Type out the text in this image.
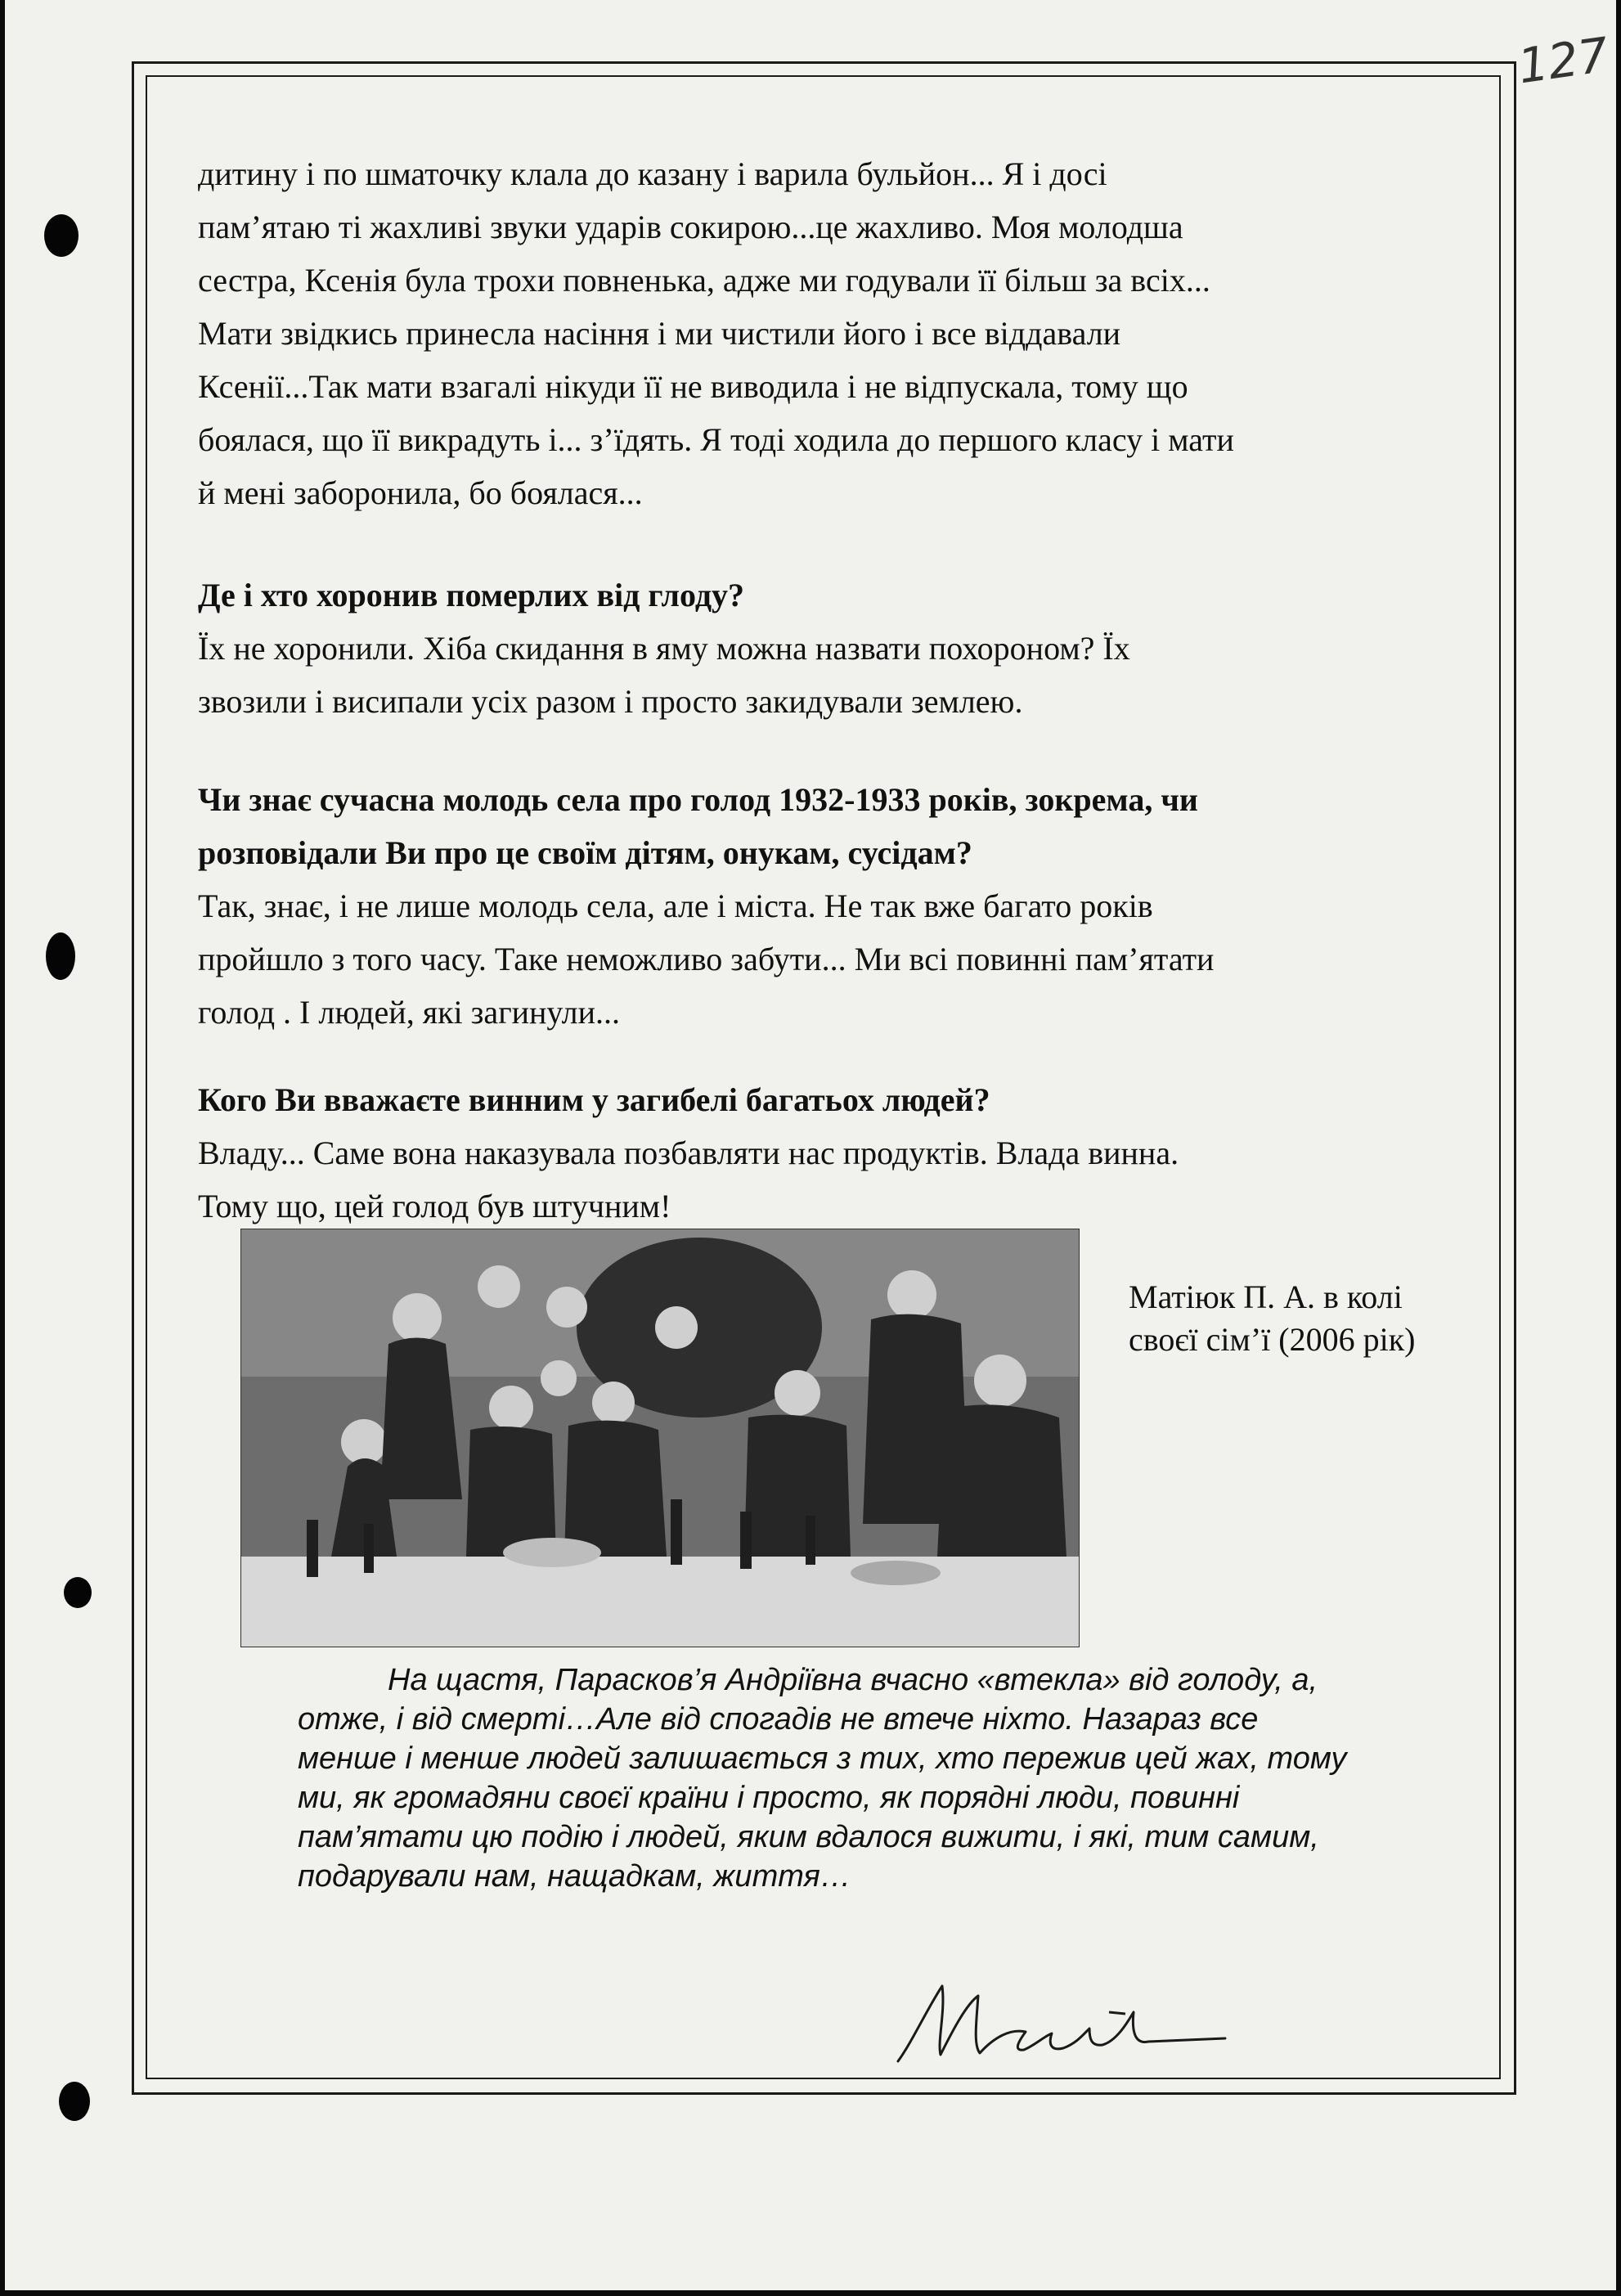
127
дитину і по шматочку клала до казану і варила бульйон... Я і досі
пам’ятаю ті жахливі звуки ударів сокирою...це жахливо. Моя молодша
сестра, Ксенія була трохи повненька, адже ми годували її більш за всіх...
Мати звідкись принесла насіння і ми чистили його і все віддавали
Ксенії...Так мати взагалі нікуди її не виводила і не відпускала, тому що
боялася, що її викрадуть і... з’їдять. Я тоді ходила до першого класу і мати
й мені заборонила, бо боялася...
Де і хто хоронив померлих від глоду?
Їх не хоронили. Хіба скидання в яму можна назвати похороном? Їх
звозили і висипали усіх разом і просто закидували землею.
Чи знає сучасна молодь села про голод 1932-1933 років, зокрема, чи
розповідали Ви про це своїм дітям, онукам, сусідам?
Так, знає, і не лише молодь села, але і міста. Не так вже багато років
пройшло з того часу. Таке неможливо забути... Ми всі повинні пам’ятати
голод . І людей, які загинули...
Кого Ви вважаєте винним у загибелі багатьох людей?
Владу... Саме вона наказувала позбавляти нас продуктів. Влада винна.
Тому що, цей голод був штучним!
Матіюк П. А. в колі
своєї сім’ї (2006 рік)
На щастя, Парасков’я Андріївна вчасно «втекла» від голоду, а,
отже, і від смерті…Але від спогадів не втече ніхто. Назараз все
менше і менше людей залишається з тих, хто пережив цей жах, тому
ми, як громадяни своєї країни і просто, як порядні люди, повинні
пам’ятати цю подію і людей, яким вдалося вижити, і які, тим самим,
подарували нам, нащадкам, життя…
